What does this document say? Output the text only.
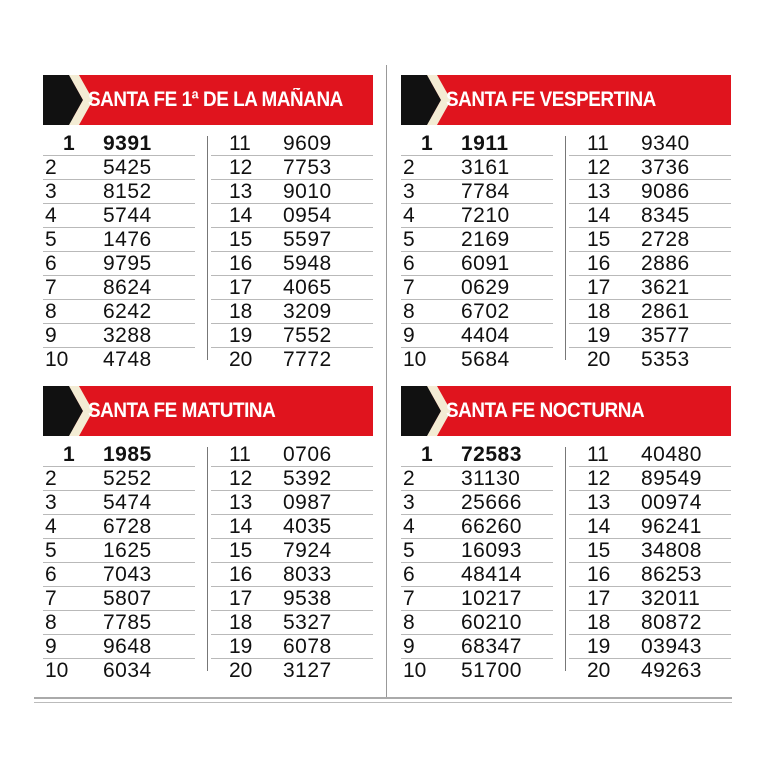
SANTA FE 1ª DE LA MAÑANA
1	9391
2	5425
3	8152
4	5744
5	1476
6	9795
7	8624
8	6242
9	3288
10	4748
11	9609
12	7753
13	9010
14	0954
15	5597
16	5948
17	4065
18	3209
19	7552
20	7772
SANTA FE VESPERTINA
1	1911
2	3161
3	7784
4	7210
5	2169
6	6091
7	0629
8	6702
9	4404
10	5684
11	9340
12	3736
13	9086
14	8345
15	2728
16	2886
17	3621
18	2861
19	3577
20	5353
SANTA FE MATUTINA
1	1985
2	5252
3	5474
4	6728
5	1625
6	7043
7	5807
8	7785
9	9648
10	6034
11	0706
12	5392
13	0987
14	4035
15	7924
16	8033
17	9538
18	5327
19	6078
20	3127
SANTA FE NOCTURNA
1	72583
2	31130
3	25666
4	66260
5	16093
6	48414
7	10217
8	60210
9	68347
10	51700
11	40480
12	89549
13	00974
14	96241
15	34808
16	86253
17	32011
18	80872
19	03943
20	49263
